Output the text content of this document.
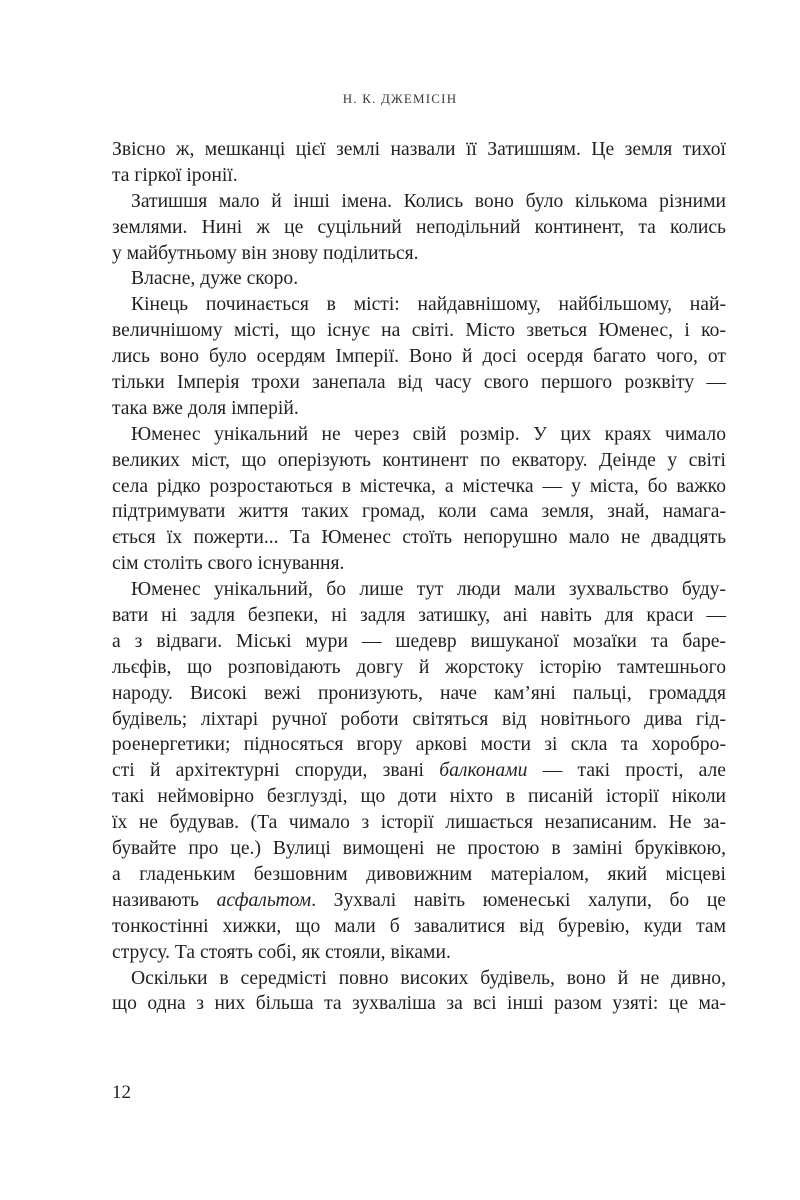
Н. К. ДЖЕМІСІН
Звісно ж, мешканці цієї землі назвали її Затишшям. Це земля тихої
та гіркої іронії.
Затишшя мало й інші імена. Колись воно було кількома різними
землями. Нині ж це суцільний неподільний континент, та колись
у майбутньому він знову поділиться.
Власне, дуже скоро.
Кінець починається в місті: найдавнішому, найбільшому, най-
величнішому місті, що існує на світі. Місто зветься Юменес, і ко-
лись воно було осердям Імперії. Воно й досі осердя багато чого, от
тільки Імперія трохи занепала від часу свого першого розквіту —
така вже доля імперій.
Юменес унікальний не через свій розмір. У цих краях чимало
великих міст, що оперізують континент по екватору. Деінде у світі
села рідко розростаються в містечка, а містечка — у міста, бо важко
підтримувати життя таких громад, коли сама земля, знай, намага-
ється їх пожерти... Та Юменес стоїть непорушно мало не двадцять
сім століть свого існування.
Юменес унікальний, бо лише тут люди мали зухвальство буду-
вати ні задля безпеки, ні задля затишку, ані навіть для краси —
а з відваги. Міські мури — шедевр вишуканої мозаїки та баре-
льєфів, що розповідають довгу й жорстоку історію тамтешнього
народу. Високі вежі пронизують, наче кам’яні пальці, громаддя
будівель; ліхтарі ручної роботи світяться від новітнього дива гід-
роенергетики; підносяться вгору аркові мости зі скла та хоробро-
сті й архітектурні споруди, звані балконами — такі прості, але
такі неймовірно безглузді, що доти ніхто в писаній історії ніколи
їх не будував. (Та чимало з історії лишається незаписаним. Не за-
бувайте про це.) Вулиці вимощені не простою в заміні бруківкою,
а гладеньким безшовним дивовижним матеріалом, який місцеві
називають асфальтом. Зухвалі навіть юменеські халупи, бо це
тонкостінні хижки, що мали б завалитися від буревію, куди там
струсу. Та стоять собі, як стояли, віками.
Оскільки в середмісті повно високих будівель, воно й не дивно,
що одна з них більша та зухваліша за всі інші разом узяті: це ма-
12
